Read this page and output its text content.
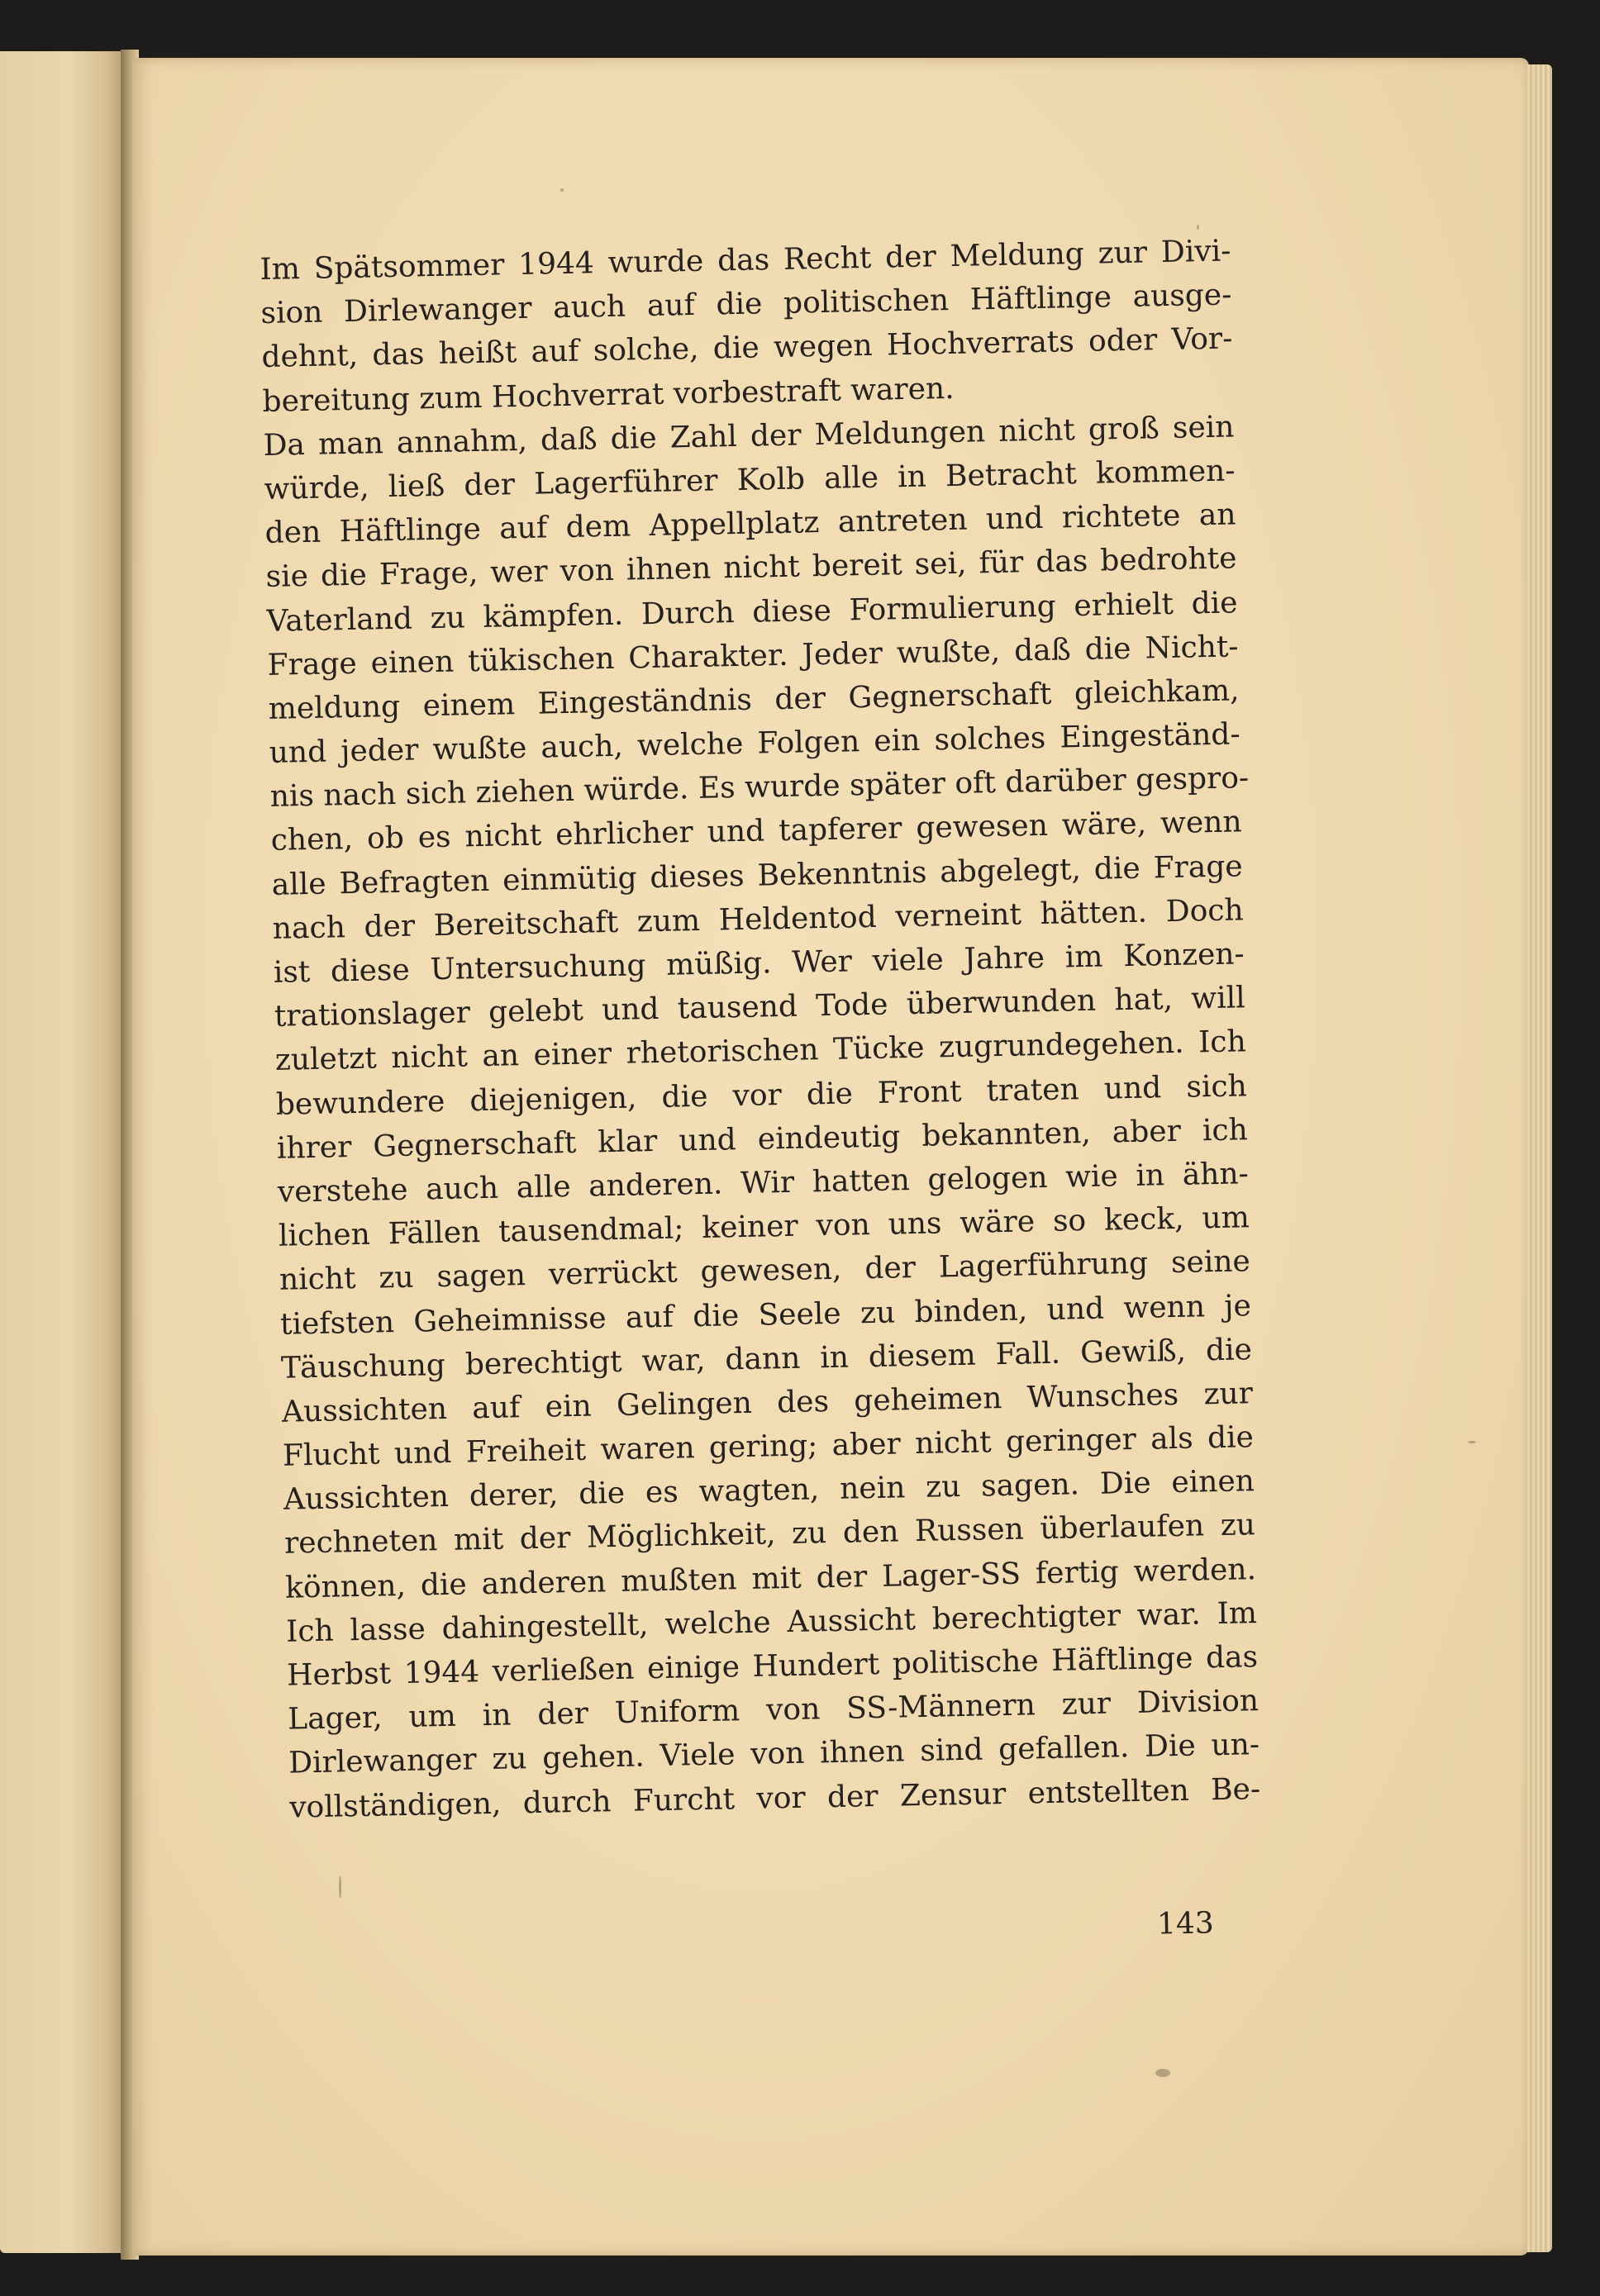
Im Spätsommer 1944 wurde das Recht der Meldung zur Divi-
sion Dirlewanger auch auf die politischen Häftlinge ausge-
dehnt, das heißt auf solche, die wegen Hochverrats oder Vor-
bereitung zum Hochverrat vorbestraft waren.
Da man annahm, daß die Zahl der Meldungen nicht groß sein
würde, ließ der Lagerführer Kolb alle in Betracht kommen-
den Häftlinge auf dem Appellplatz antreten und richtete an
sie die Frage, wer von ihnen nicht bereit sei, für das bedrohte
Vaterland zu kämpfen. Durch diese Formulierung erhielt die
Frage einen tükischen Charakter. Jeder wußte, daß die Nicht-
meldung einem Eingeständnis der Gegnerschaft gleichkam,
und jeder wußte auch, welche Folgen ein solches Eingeständ-
nis nach sich ziehen würde. Es wurde später oft darüber gespro-
chen, ob es nicht ehrlicher und tapferer gewesen wäre, wenn
alle Befragten einmütig dieses Bekenntnis abgelegt, die Frage
nach der Bereitschaft zum Heldentod verneint hätten. Doch
ist diese Untersuchung müßig. Wer viele Jahre im Konzen-
trationslager gelebt und tausend Tode überwunden hat, will
zuletzt nicht an einer rhetorischen Tücke zugrundegehen. Ich
bewundere diejenigen, die vor die Front traten und sich
ihrer Gegnerschaft klar und eindeutig bekannten, aber ich
verstehe auch alle anderen. Wir hatten gelogen wie in ähn-
lichen Fällen tausendmal; keiner von uns wäre so keck, um
nicht zu sagen verrückt gewesen, der Lagerführung seine
tiefsten Geheimnisse auf die Seele zu binden, und wenn je
Täuschung berechtigt war, dann in diesem Fall. Gewiß, die
Aussichten auf ein Gelingen des geheimen Wunsches zur
Flucht und Freiheit waren gering; aber nicht geringer als die
Aussichten derer, die es wagten, nein zu sagen. Die einen
rechneten mit der Möglichkeit, zu den Russen überlaufen zu
können, die anderen mußten mit der Lager-SS fertig werden.
Ich lasse dahingestellt, welche Aussicht berechtigter war. Im
Herbst 1944 verließen einige Hundert politische Häftlinge das
Lager, um in der Uniform von SS-Männern zur Division
Dirlewanger zu gehen. Viele von ihnen sind gefallen. Die un-
vollständigen, durch Furcht vor der Zensur entstellten Be-
143
